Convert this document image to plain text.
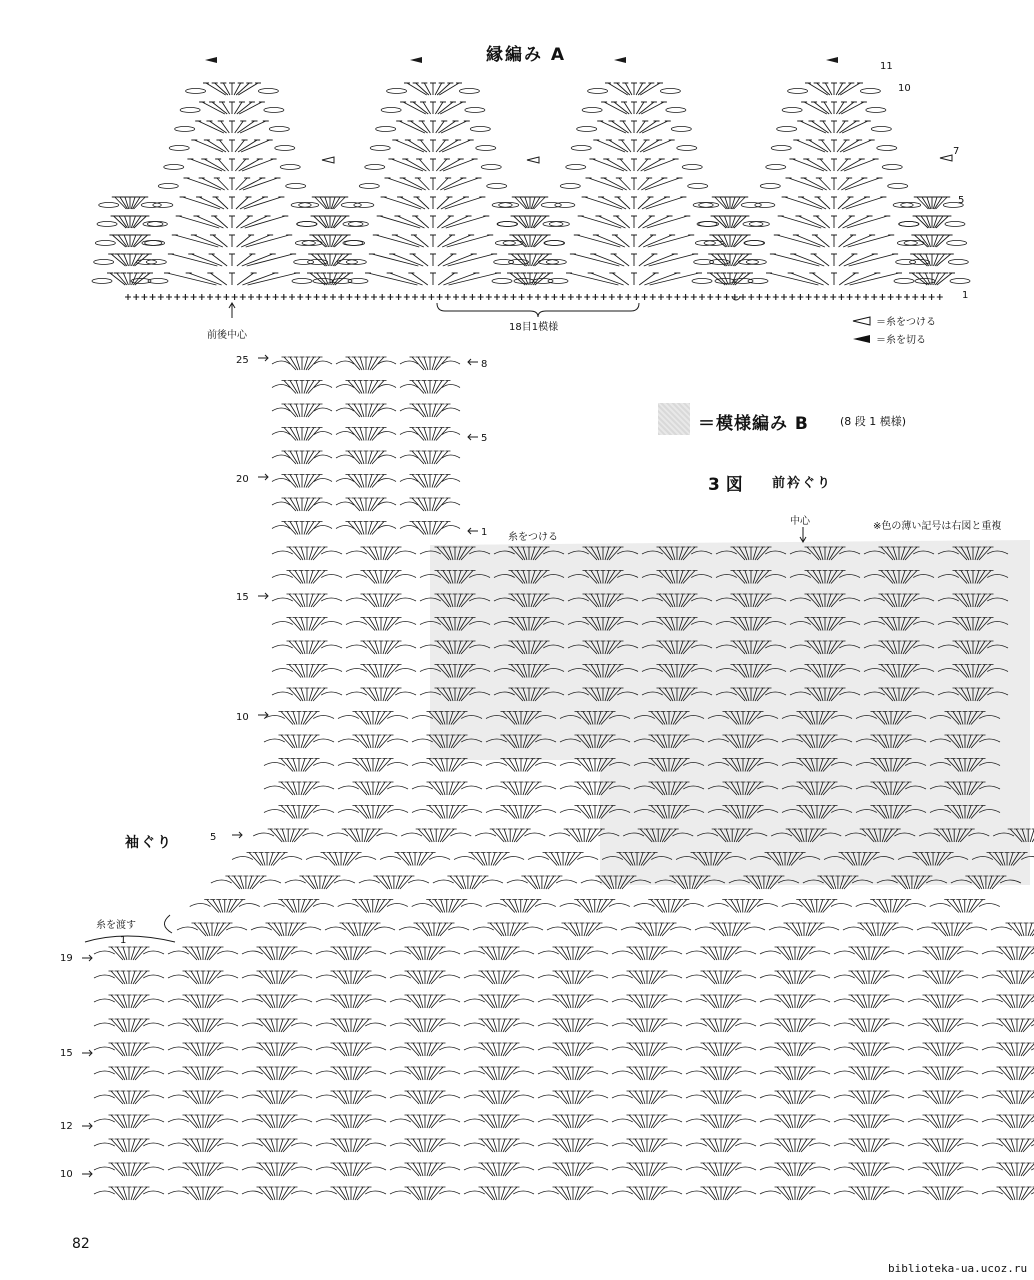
縁編み A
11
10
7
5
1
前後中心
18目1模様	＝糸をつける
＝糸を切る
＝模様編み B	(8 段 1 模様)
3 図 前衿ぐり
中心	※色の薄い記号は右図と重複
糸をつける
25	8
5
20
1
15
10
5
1
袖ぐり
糸を渡す
19
15
12
10
82
biblioteka-ua.ucoz.ru
